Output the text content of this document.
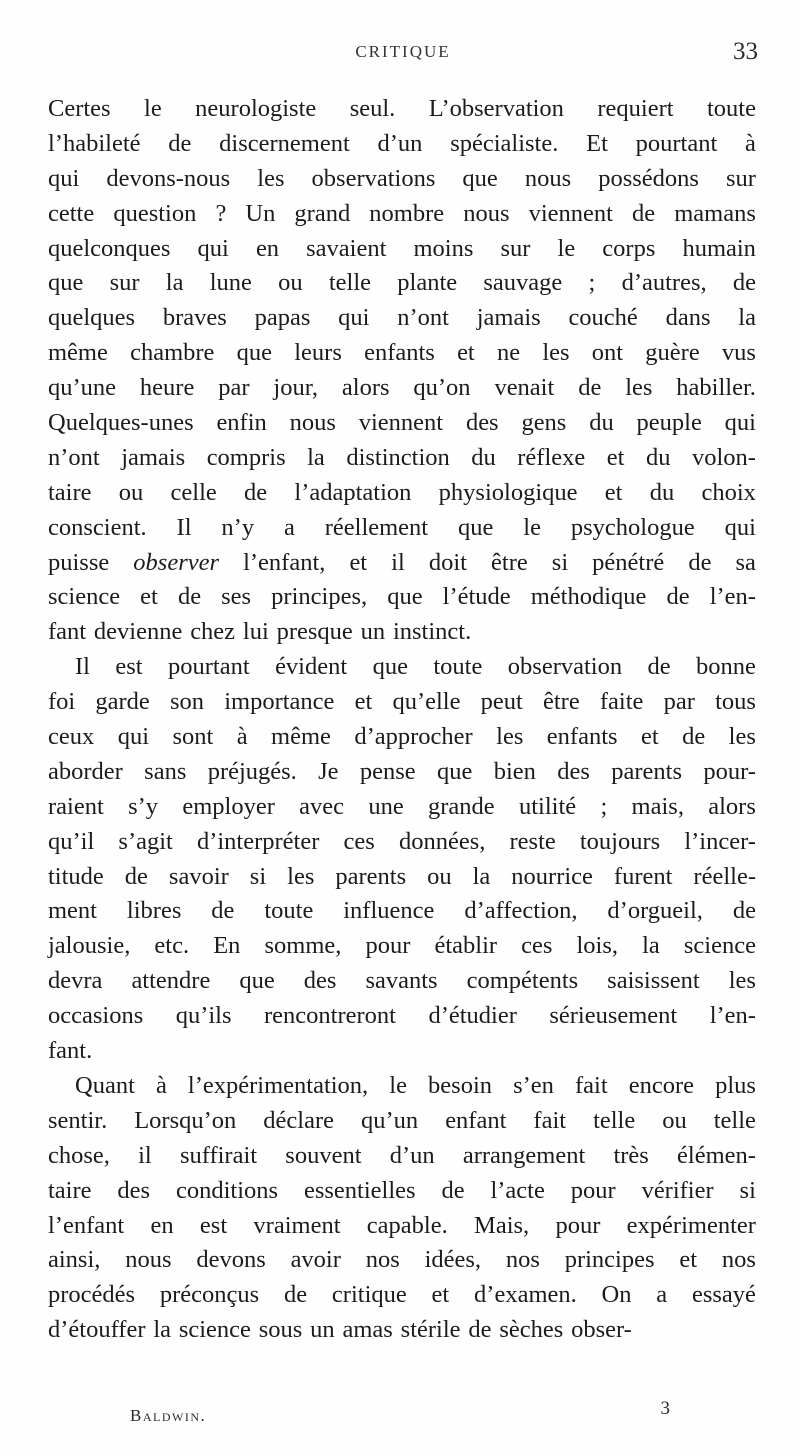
CRITIQUE	33
Certes le neurologiste seul. L’observation requiert toute
l’habileté de discernement d’un spécialiste. Et pourtant à
qui devons-nous les observations que nous possédons sur
cette question ? Un grand nombre nous viennent de mamans
quelconques qui en savaient moins sur le corps humain
que sur la lune ou telle plante sauvage ; d’autres, de
quelques braves papas qui n’ont jamais couché dans la
même chambre que leurs enfants et ne les ont guère vus
qu’une heure par jour, alors qu’on venait de les habiller.
Quelques-unes enfin nous viennent des gens du peuple qui
n’ont jamais compris la distinction du réflexe et du volon-
taire ou celle de l’adaptation physiologique et du choix
conscient. Il n’y a réellement que le psychologue qui
puisse observer l’enfant, et il doit être si pénétré de sa
science et de ses principes, que l’étude méthodique de l’en-
fant devienne chez lui presque un instinct.
Il est pourtant évident que toute observation de bonne
foi garde son importance et qu’elle peut être faite par tous
ceux qui sont à même d’approcher les enfants et de les
aborder sans préjugés. Je pense que bien des parents pour-
raient s’y employer avec une grande utilité ; mais, alors
qu’il s’agit d’interpréter ces données, reste toujours l’incer-
titude de savoir si les parents ou la nourrice furent réelle-
ment libres de toute influence d’affection, d’orgueil, de
jalousie, etc. En somme, pour établir ces lois, la science
devra attendre que des savants compétents saisissent les
occasions qu’ils rencontreront d’étudier sérieusement l’en-
fant.
Quant à l’expérimentation, le besoin s’en fait encore plus
sentir. Lorsqu’on déclare qu’un enfant fait telle ou telle
chose, il suffirait souvent d’un arrangement très élémen-
taire des conditions essentielles de l’acte pour vérifier si
l’enfant en est vraiment capable. Mais, pour expérimenter
ainsi, nous devons avoir nos idées, nos principes et nos
procédés préconçus de critique et d’examen. On a essayé
d’étouffer la science sous un amas stérile de sèches obser-
Baldwin.	3
